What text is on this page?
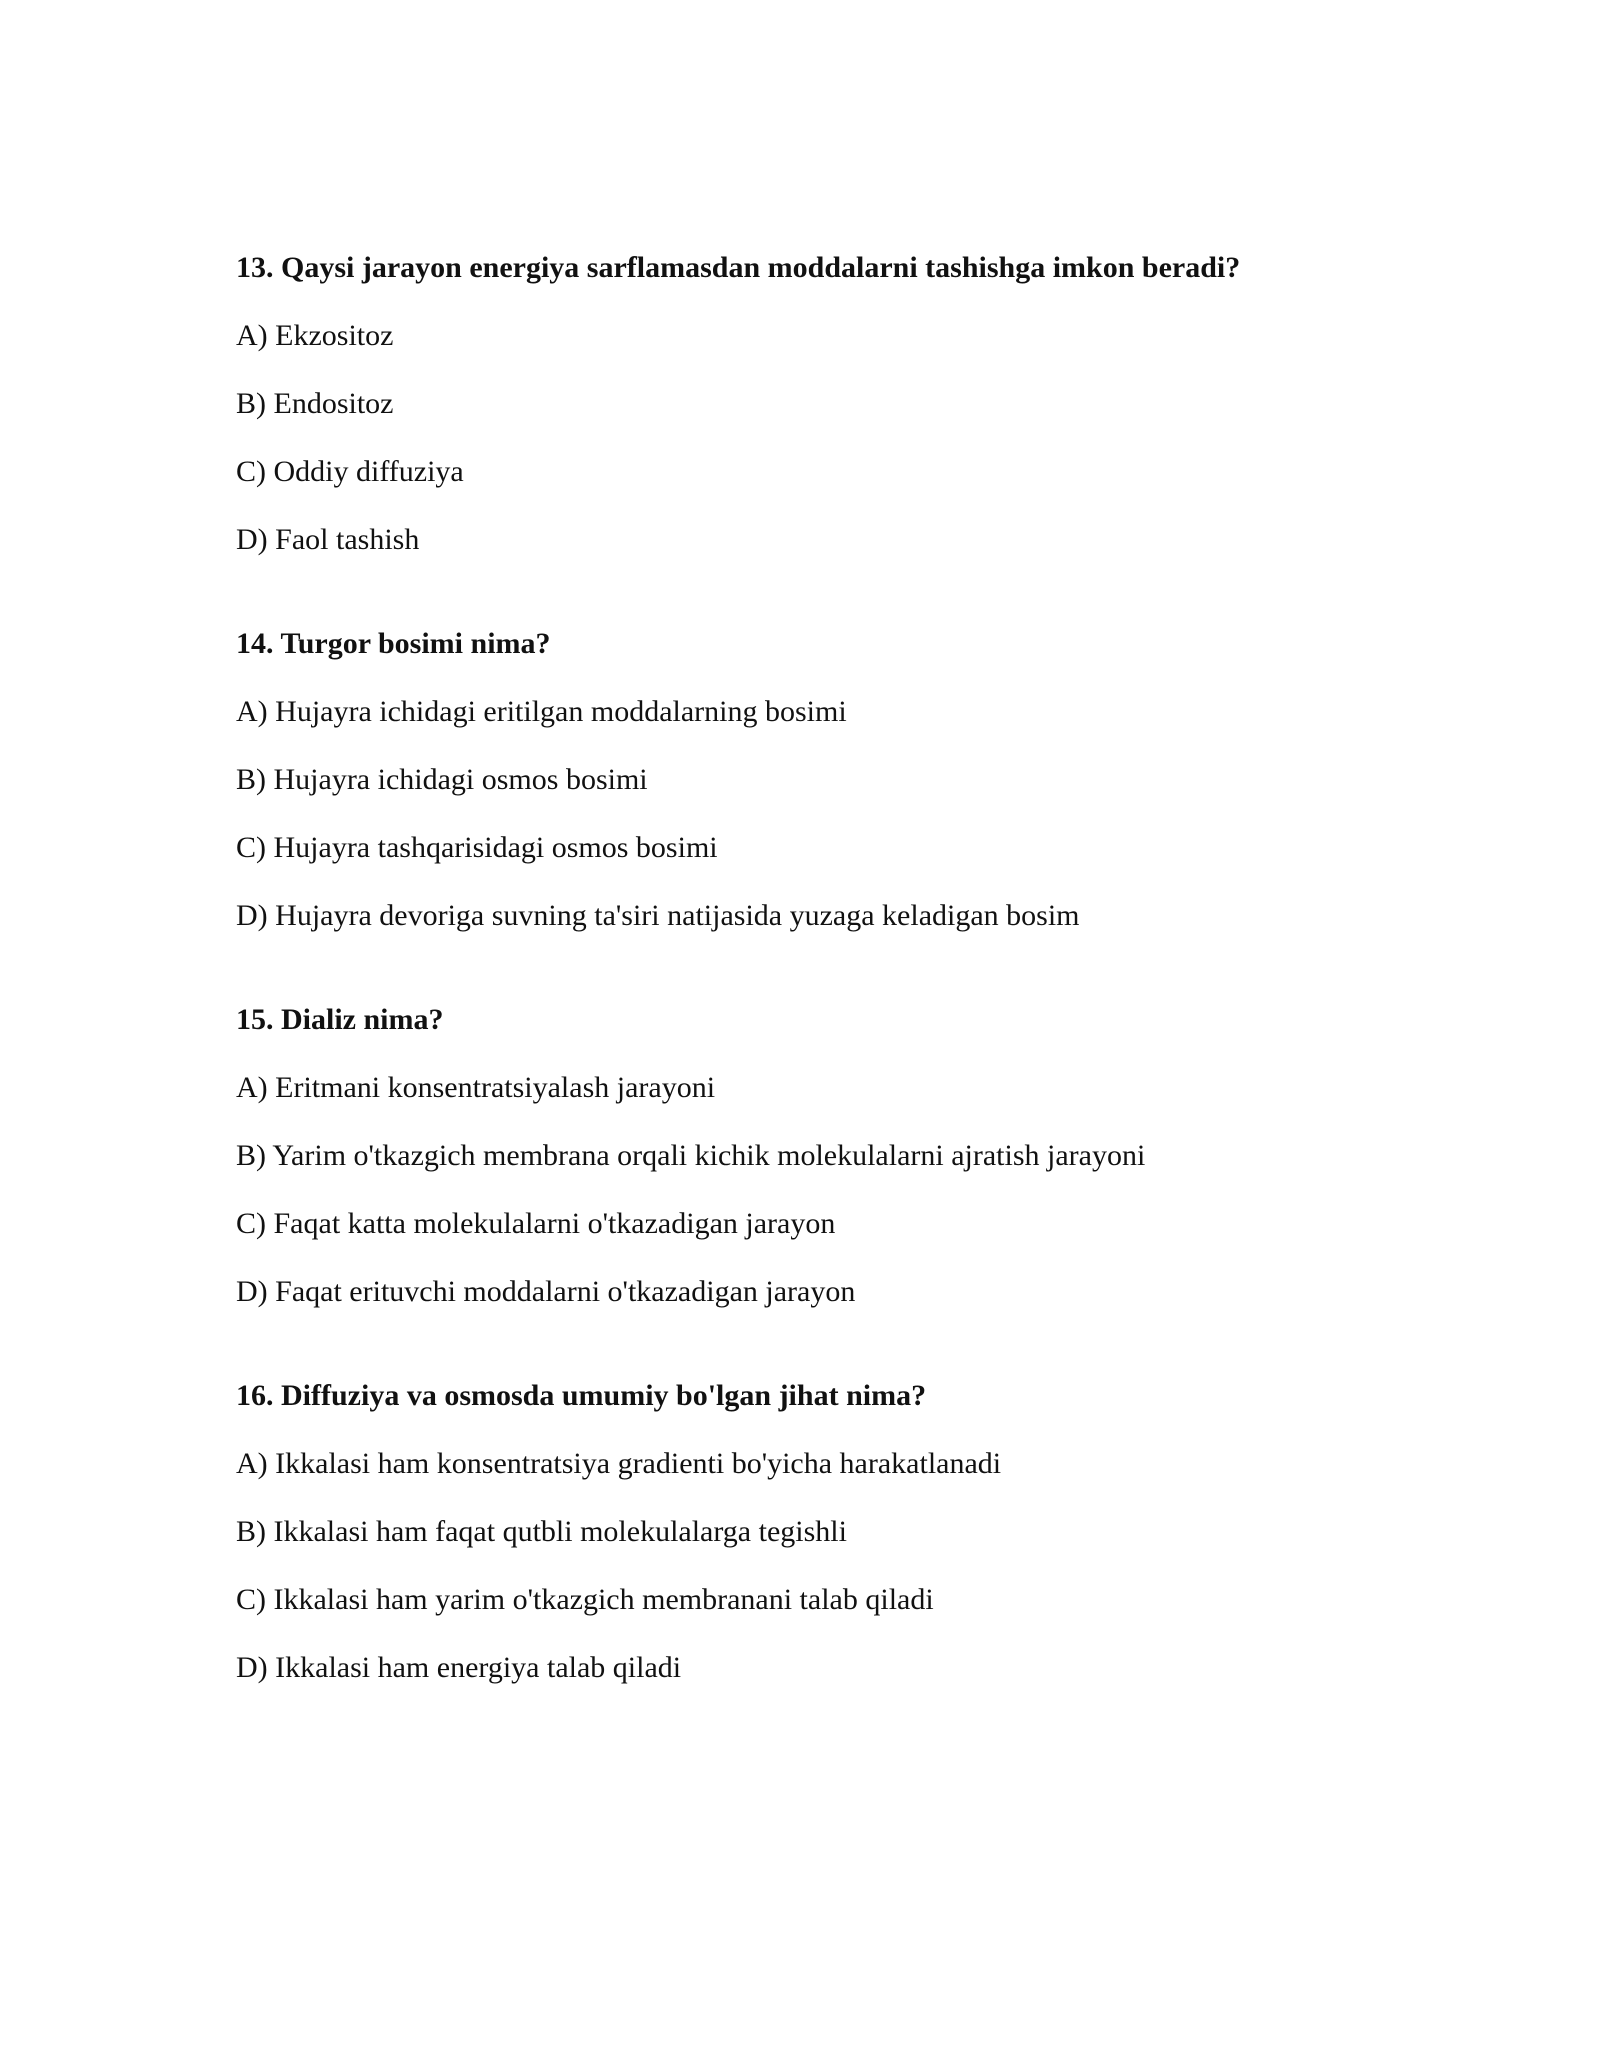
13. Qaysi jarayon energiya sarflamasdan moddalarni tashishga imkon beradi?
A) Ekzositoz
B) Endositoz
C) Oddiy diffuziya
D) Faol tashish
14. Turgor bosimi nima?
A) Hujayra ichidagi eritilgan moddalarning bosimi
B) Hujayra ichidagi osmos bosimi
C) Hujayra tashqarisidagi osmos bosimi
D) Hujayra devoriga suvning ta'siri natijasida yuzaga keladigan bosim
15. Dializ nima?
A) Eritmani konsentratsiyalash jarayoni
B) Yarim o'tkazgich membrana orqali kichik molekulalarni ajratish jarayoni
C) Faqat katta molekulalarni o'tkazadigan jarayon
D) Faqat erituvchi moddalarni o'tkazadigan jarayon
16. Diffuziya va osmosda umumiy bo'lgan jihat nima?
A) Ikkalasi ham konsentratsiya gradienti bo'yicha harakatlanadi
B) Ikkalasi ham faqat qutbli molekulalarga tegishli
C) Ikkalasi ham yarim o'tkazgich membranani talab qiladi
D) Ikkalasi ham energiya talab qiladi
